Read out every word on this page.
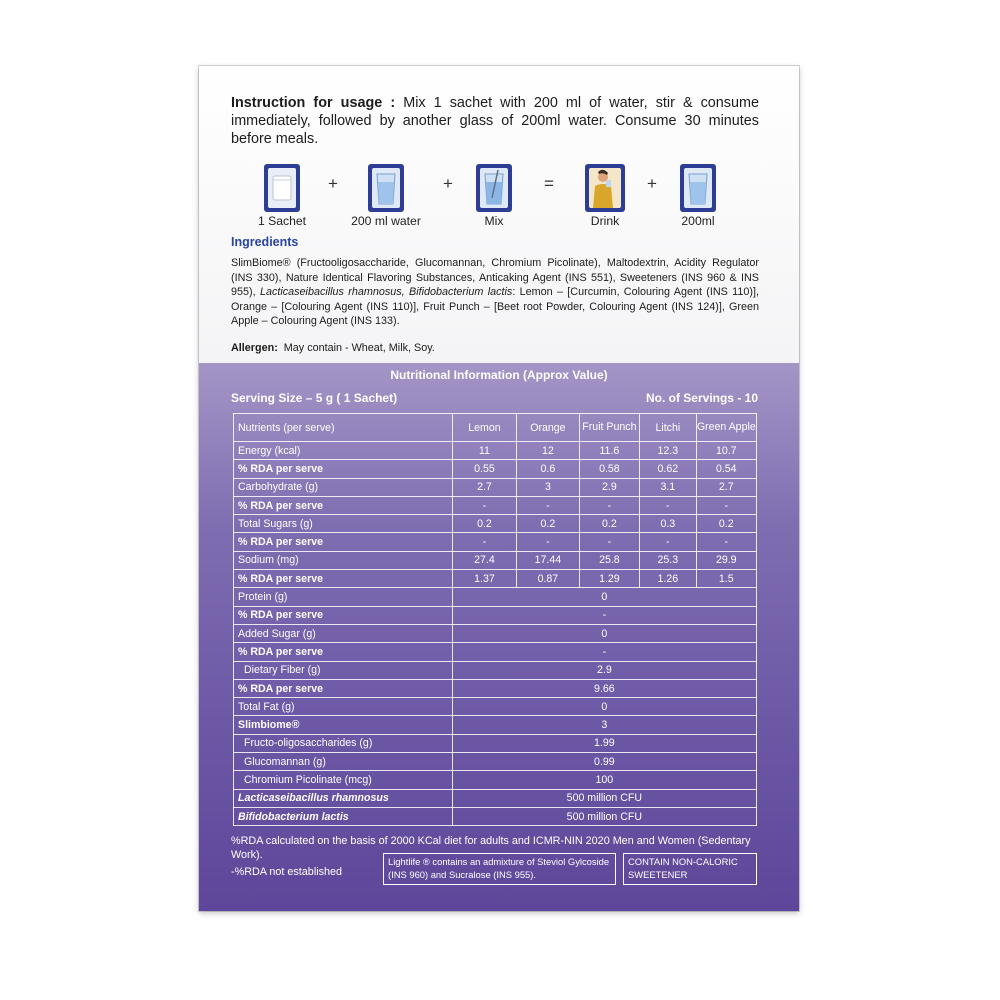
Instruction for usage : Mix 1 sachet with 200 ml of water, stir & consume immediately, followed by another glass of 200ml water. Consume 30 minutes before meals.
+	+	=	+
1 Sachet	200 ml water	Mix	Drink	200ml
Ingredients
SlimBiome® (Fructooligosaccharide, Glucomannan, Chromium Picolinate), Maltodextrin, Acidity Regulator (INS 330), Nature Identical Flavoring Substances, Anticaking Agent (INS 551), Sweeteners (INS 960 & INS 955), Lacticaseibacillus rhamnosus, Bifidobacterium lactis: Lemon – [Curcumin, Colouring Agent (INS 110)], Orange – [Colouring Agent (INS 110)], Fruit Punch – [Beet root Powder, Colouring Agent (INS 124)], Green Apple – Colouring Agent (INS 133).
Allergen: May contain - Wheat, Milk, Soy.
Nutritional Information (Approx Value)
Serving Size – 5 g ( 1 Sachet)	No. of Servings - 10
Nutrients (per serve)	Lemon	Orange	Fruit Punch	Litchi	Green Apple
Energy (kcal)	11	12	11.6	12.3	10.7
% RDA per serve	0.55	0.6	0.58	0.62	0.54
Carbohydrate (g)	2.7	3	2.9	3.1	2.7
% RDA per serve	-	-	-	-	-
Total Sugars (g)	0.2	0.2	0.2	0.3	0.2
% RDA per serve	-	-	-	-	-
Sodium (mg)	27.4	17.44	25.8	25.3	29.9
% RDA per serve	1.37	0.87	1.29	1.26	1.5
Protein (g)	0				
% RDA per serve	-				
Added Sugar (g)	0				
% RDA per serve	-				
Dietary Fiber (g)	2.9				
% RDA per serve	9.66				
Total Fat (g)	0				
Slimbiome®	3				
Fructo-oligosaccharides (g)	1.99				
Glucomannan (g)	0.99				
Chromium Picolinate (mcg)	100				
Lacticaseibacillus rhamnosus	500 million CFU				
Bifidobacterium lactis	500 million CFU				
%RDA calculated on the basis of 2000 KCal diet for adults and ICMR-NIN 2020 Men and Women (Sedentary Work).
-%RDA not established
Lightlife ® contains an admixture of Steviol Gylcoside (INS 960) and Sucralose (INS 955).
CONTAIN NON-CALORIC SWEETENER
